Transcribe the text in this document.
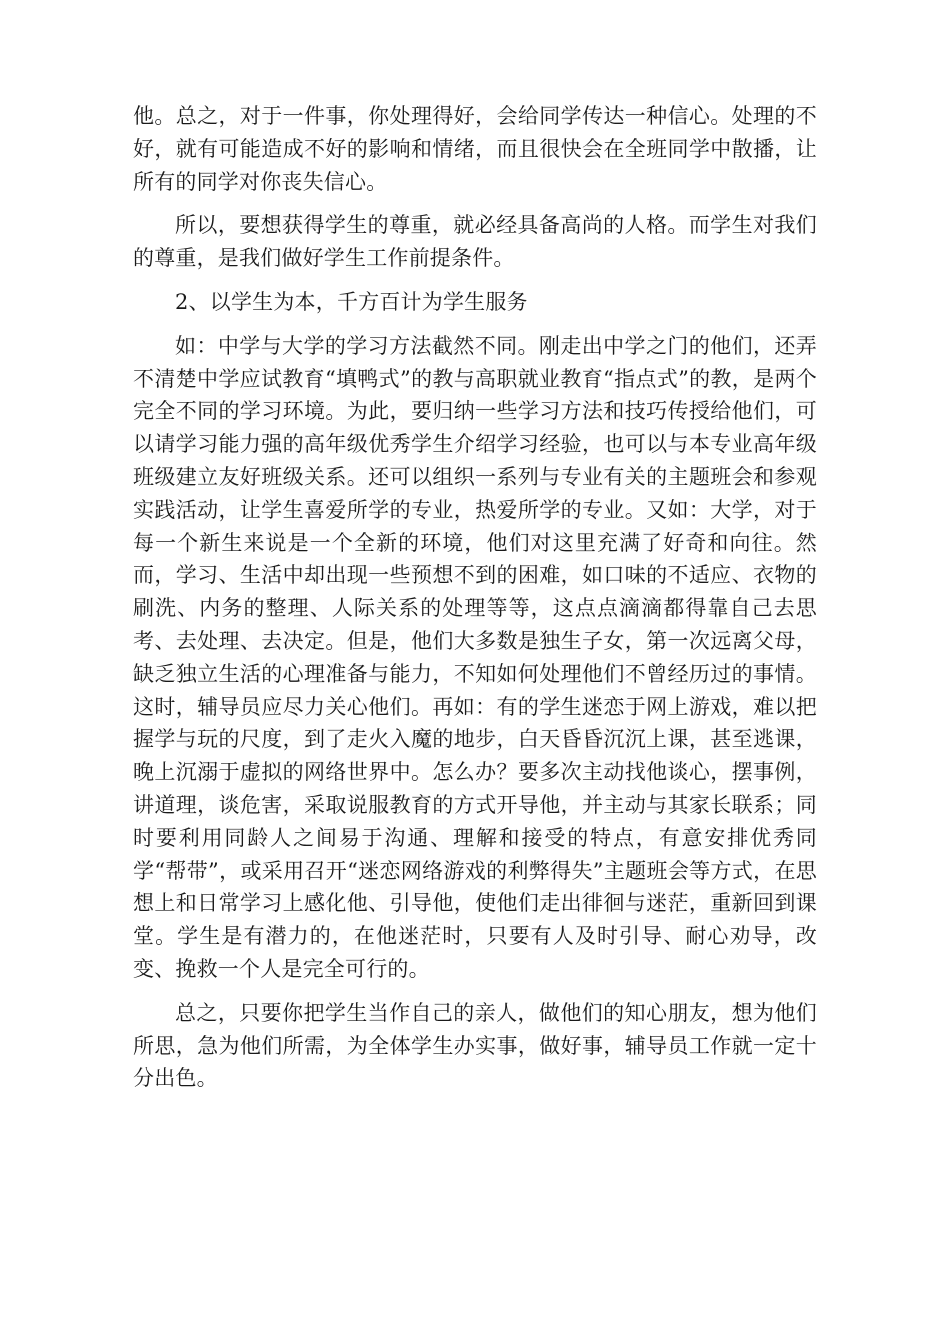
他。总之，对于一件事，你处理得好，会给同学传达一种信心。处理的不好，就有可能造成不好的影响和情绪，而且很快会在全班同学中散播，让所有的同学对你丧失信心。

所以，要想获得学生的尊重，就必经具备高尚的人格。而学生对我们的尊重，是我们做好学生工作前提条件。

2、以学生为本，千方百计为学生服务

如：中学与大学的学习方法截然不同。刚走出中学之门的他们，还弄不清楚中学应试教育“填鸭式”的教与高职就业教育“指点式”的教，是两个完全不同的学习环境。为此，要归纳一些学习方法和技巧传授给他们，可以请学习能力强的高年级优秀学生介绍学习经验，也可以与本专业高年级班级建立友好班级关系。还可以组织一系列与专业有关的主题班会和参观实践活动，让学生喜爱所学的专业，热爱所学的专业。又如：大学，对于每一个新生来说是一个全新的环境，他们对这里充满了好奇和向往。然而，学习、生活中却出现一些预想不到的困难，如口味的不适应、衣物的刷洗、内务的整理、人际关系的处理等等，这点点滴滴都得靠自己去思考、去处理、去决定。但是，他们大多数是独生子女，第一次远离父母，缺乏独立生活的心理准备与能力，不知如何处理他们不曾经历过的事情。这时，辅导员应尽力关心他们。再如：有的学生迷恋于网上游戏，难以把握学与玩的尺度，到了走火入魔的地步，白天昏昏沉沉上课，甚至逃课，晚上沉溺于虚拟的网络世界中。怎么办？要多次主动找他谈心，摆事例，讲道理，谈危害，采取说服教育的方式开导他，并主动与其家长联系；同时要利用同龄人之间易于沟通、理解和接受的特点，有意安排优秀同学“帮带”，或采用召开“迷恋网络游戏的利弊得失”主题班会等方式，在思想上和日常学习上感化他、引导他，使他们走出徘徊与迷茫，重新回到课堂。学生是有潜力的，在他迷茫时，只要有人及时引导、耐心劝导，改变、挽救一个人是完全可行的。

总之，只要你把学生当作自己的亲人，做他们的知心朋友，想为他们所思，急为他们所需，为全体学生办实事，做好事，辅导员工作就一定十分出色。
